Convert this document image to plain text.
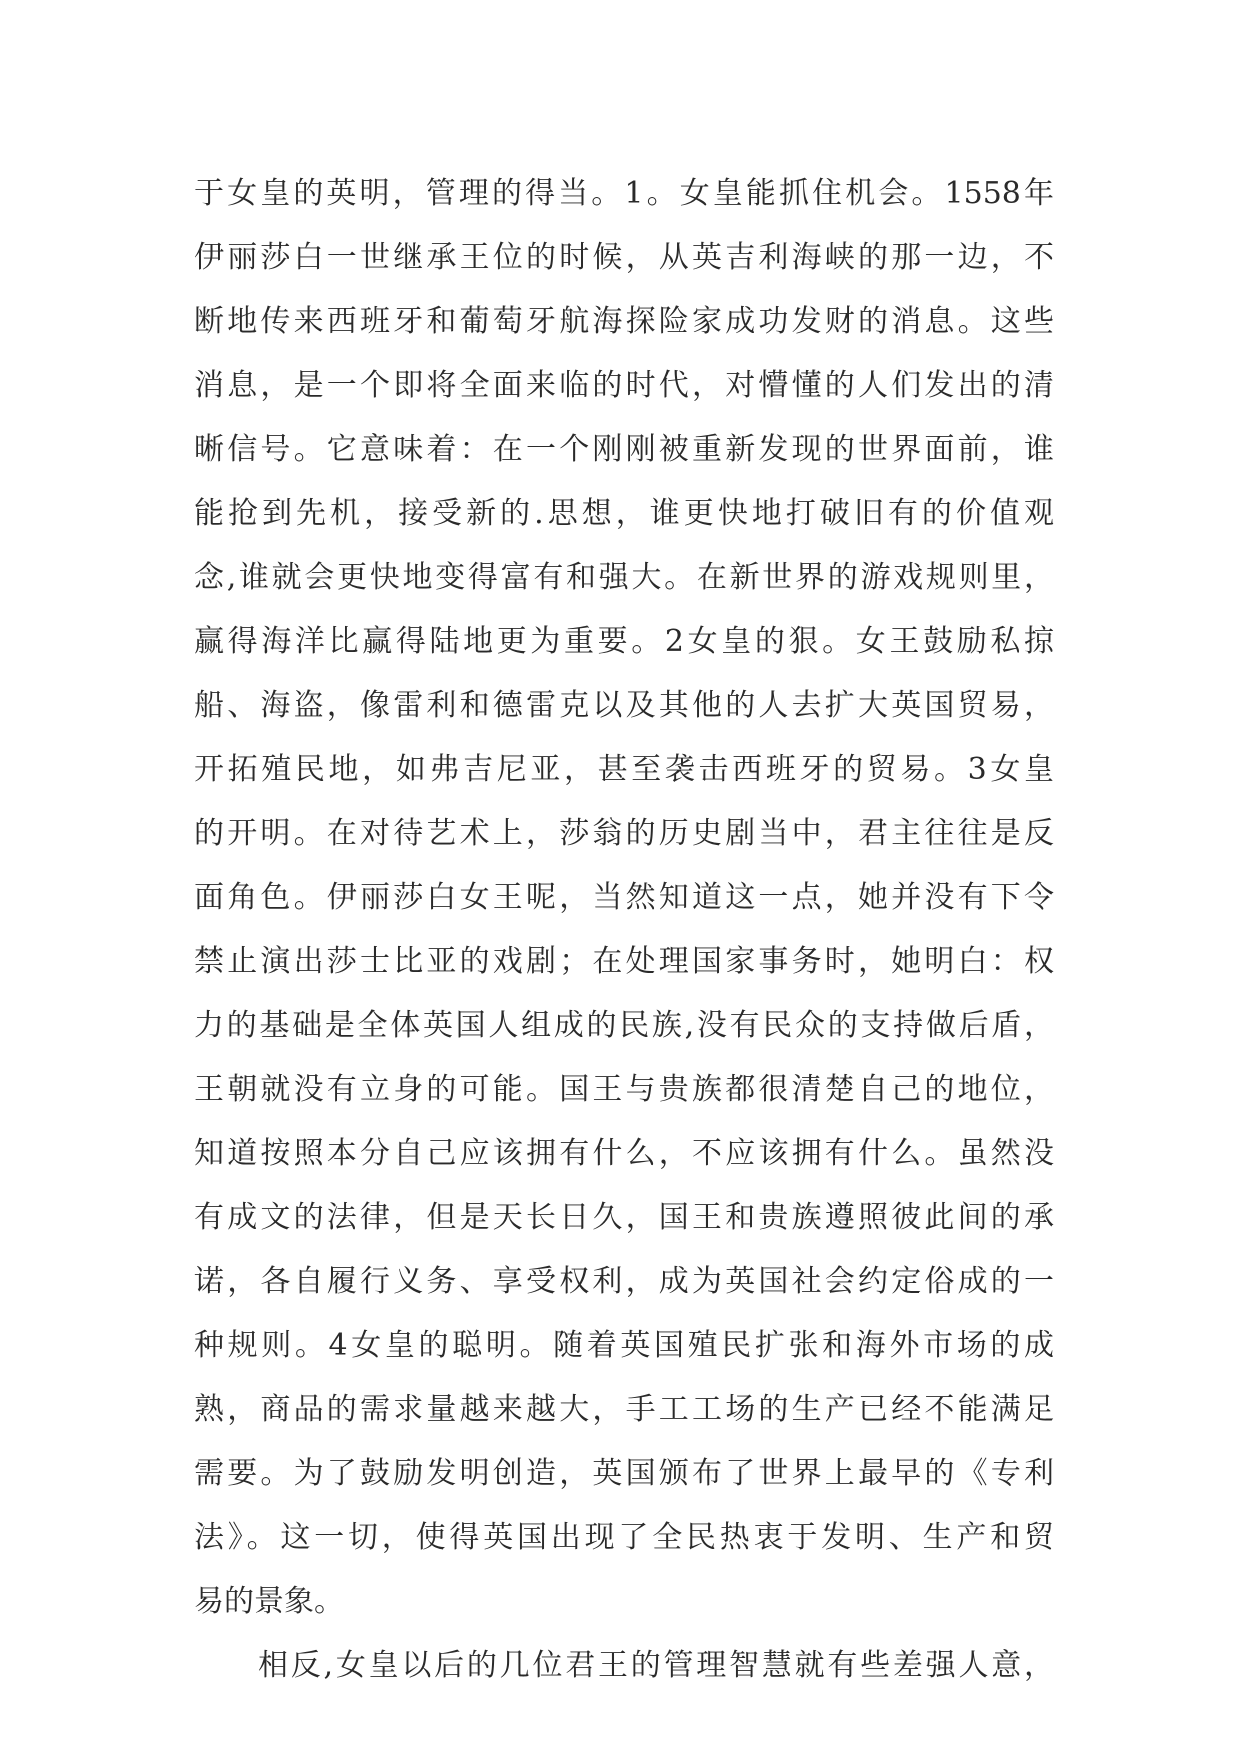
于女皇的英明，管理的得当。1。女皇能抓住机会。1558年
伊丽莎白一世继承王位的时候，从英吉利海峡的那一边，不
断地传来西班牙和葡萄牙航海探险家成功发财的消息。这些
消息，是一个即将全面来临的时代，对懵懂的人们发出的清
晰信号。它意味着：在一个刚刚被重新发现的世界面前，谁
能抢到先机，接受新的.思想，谁更快地打破旧有的价值观
念,谁就会更快地变得富有和强大。在新世界的游戏规则里，
赢得海洋比赢得陆地更为重要。2女皇的狠。女王鼓励私掠
船、海盗，像雷利和德雷克以及其他的人去扩大英国贸易，
开拓殖民地，如弗吉尼亚，甚至袭击西班牙的贸易。3女皇
的开明。在对待艺术上，莎翁的历史剧当中，君主往往是反
面角色。伊丽莎白女王呢，当然知道这一点，她并没有下令
禁止演出莎士比亚的戏剧；在处理国家事务时，她明白：权
力的基础是全体英国人组成的民族,没有民众的支持做后盾，
王朝就没有立身的可能。国王与贵族都很清楚自己的地位，
知道按照本分自己应该拥有什么，不应该拥有什么。虽然没
有成文的法律，但是天长日久，国王和贵族遵照彼此间的承
诺，各自履行义务、享受权利，成为英国社会约定俗成的一
种规则。4女皇的聪明。随着英国殖民扩张和海外市场的成
熟，商品的需求量越来越大，手工工场的生产已经不能满足
需要。为了鼓励发明创造，英国颁布了世界上最早的《专利
法》。这一切，使得英国出现了全民热衷于发明、生产和贸
易的景象。
相反,女皇以后的几位君王的管理智慧就有些差强人意，
